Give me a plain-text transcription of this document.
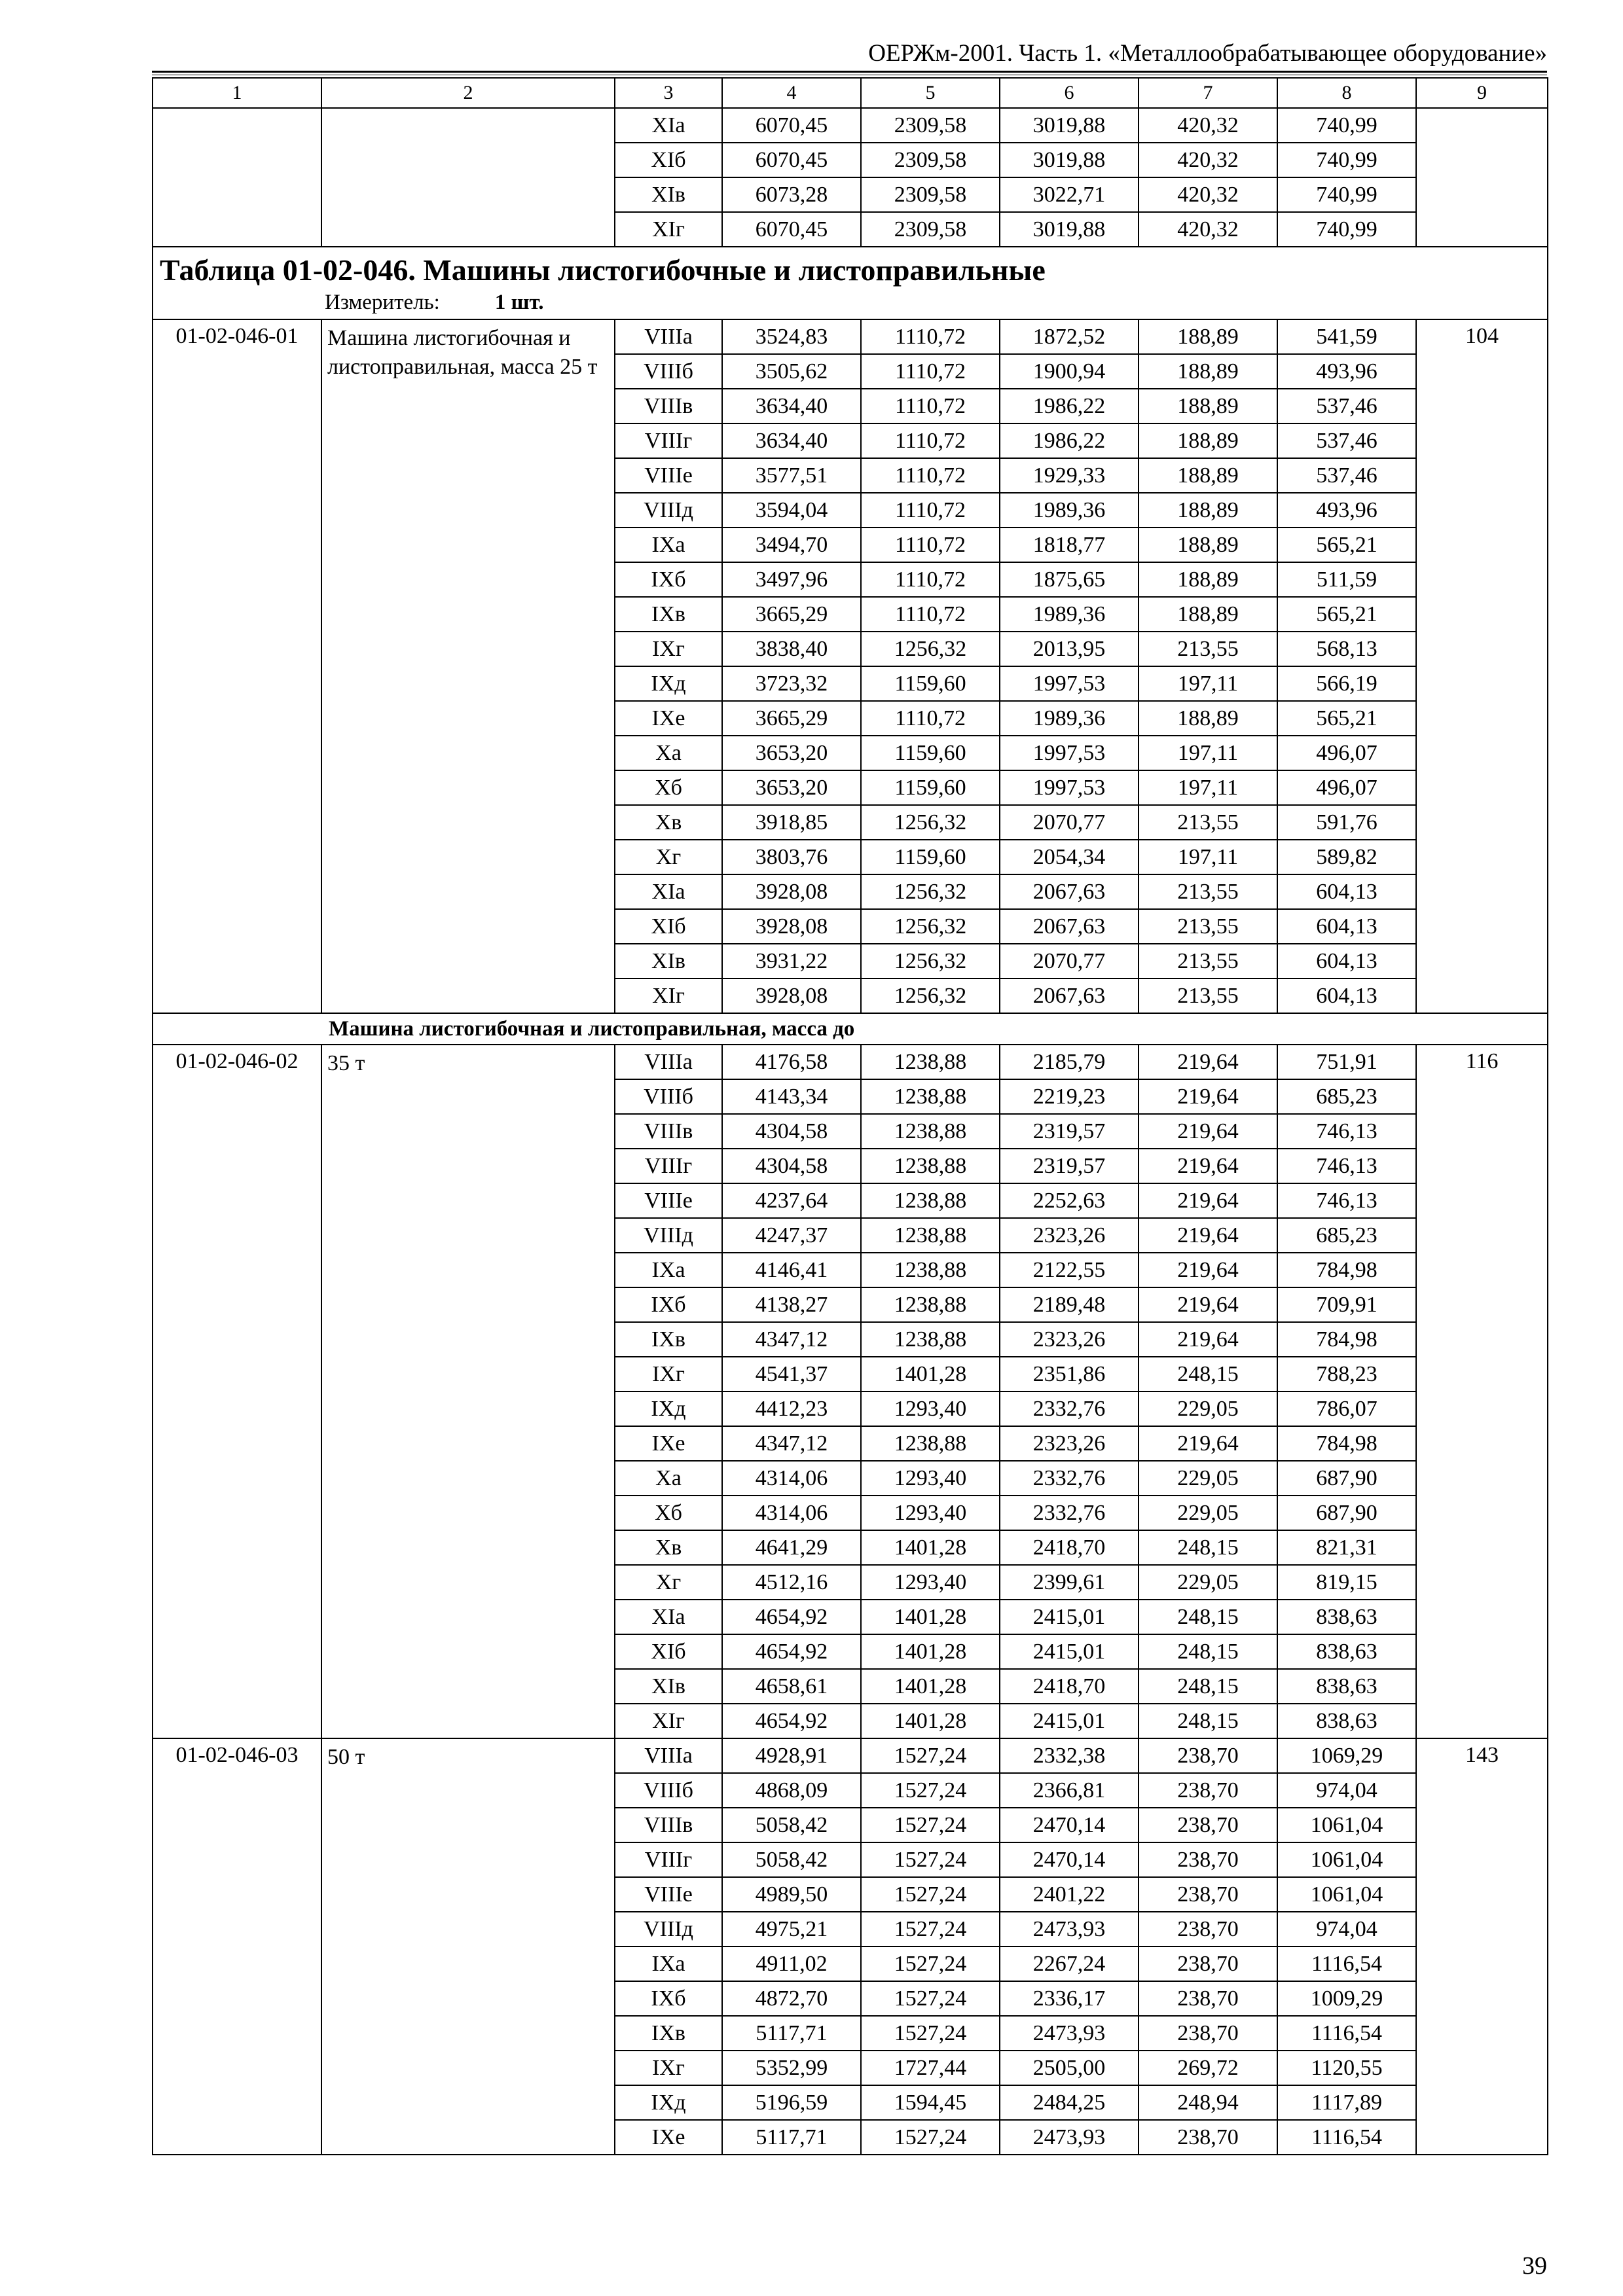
ОЕРЖм-2001. Часть 1. «Металлообрабатывающее оборудование»
1	2	3	4	5	6	7	8	9
		XIа	6070,45	2309,58	3019,88	420,32	740,99	
		XIб	6070,45	2309,58	3019,88	420,32	740,99	
		XIв	6073,28	2309,58	3022,71	420,32	740,99	
		XIг	6070,45	2309,58	3019,88	420,32	740,99	

Таблица 01-02-046. Машины листогибочные и листоправильные
Измеритель: 1 шт.								

01-02-046-01	Машина листогибочная и листоправильная, масса 25 т	VIIIа	3524,83	1110,72	1872,52	188,89	541,59	104
		VIIIб	3505,62	1110,72	1900,94	188,89	493,96	
		VIIIв	3634,40	1110,72	1986,22	188,89	537,46	
		VIIIг	3634,40	1110,72	1986,22	188,89	537,46	
		VIIIе	3577,51	1110,72	1929,33	188,89	537,46	
		VIIIд	3594,04	1110,72	1989,36	188,89	493,96	
		IXа	3494,70	1110,72	1818,77	188,89	565,21	
		IXб	3497,96	1110,72	1875,65	188,89	511,59	
		IXв	3665,29	1110,72	1989,36	188,89	565,21	
		IXг	3838,40	1256,32	2013,95	213,55	568,13	
		IXд	3723,32	1159,60	1997,53	197,11	566,19	
		IXе	3665,29	1110,72	1989,36	188,89	565,21	
		Xа	3653,20	1159,60	1997,53	197,11	496,07	
		Xб	3653,20	1159,60	1997,53	197,11	496,07	
		Xв	3918,85	1256,32	2070,77	213,55	591,76	
		Xг	3803,76	1159,60	2054,34	197,11	589,82	
		XIа	3928,08	1256,32	2067,63	213,55	604,13	
		XIб	3928,08	1256,32	2067,63	213,55	604,13	
		XIв	3931,22	1256,32	2070,77	213,55	604,13	
		XIг	3928,08	1256,32	2067,63	213,55	604,13	
Машина листогибочная и листоправильная, масса до								
01-02-046-02	35 т	VIIIа	4176,58	1238,88	2185,79	219,64	751,91	116
		VIIIб	4143,34	1238,88	2219,23	219,64	685,23	
		VIIIв	4304,58	1238,88	2319,57	219,64	746,13	
		VIIIг	4304,58	1238,88	2319,57	219,64	746,13	
		VIIIе	4237,64	1238,88	2252,63	219,64	746,13	
		VIIIд	4247,37	1238,88	2323,26	219,64	685,23	
		IXа	4146,41	1238,88	2122,55	219,64	784,98	
		IXб	4138,27	1238,88	2189,48	219,64	709,91	
		IXв	4347,12	1238,88	2323,26	219,64	784,98	
		IXг	4541,37	1401,28	2351,86	248,15	788,23	
		IXд	4412,23	1293,40	2332,76	229,05	786,07	
		IXе	4347,12	1238,88	2323,26	219,64	784,98	
		Xа	4314,06	1293,40	2332,76	229,05	687,90	
		Xб	4314,06	1293,40	2332,76	229,05	687,90	
		Xв	4641,29	1401,28	2418,70	248,15	821,31	
		Xг	4512,16	1293,40	2399,61	229,05	819,15	
		XIа	4654,92	1401,28	2415,01	248,15	838,63	
		XIб	4654,92	1401,28	2415,01	248,15	838,63	
		XIв	4658,61	1401,28	2418,70	248,15	838,63	
		XIг	4654,92	1401,28	2415,01	248,15	838,63	
01-02-046-03	50 т	VIIIа	4928,91	1527,24	2332,38	238,70	1069,29	143
		VIIIб	4868,09	1527,24	2366,81	238,70	974,04	
		VIIIв	5058,42	1527,24	2470,14	238,70	1061,04	
		VIIIг	5058,42	1527,24	2470,14	238,70	1061,04	
		VIIIе	4989,50	1527,24	2401,22	238,70	1061,04	
		VIIIд	4975,21	1527,24	2473,93	238,70	974,04	
		IXа	4911,02	1527,24	2267,24	238,70	1116,54	
		IXб	4872,70	1527,24	2336,17	238,70	1009,29	
		IXв	5117,71	1527,24	2473,93	238,70	1116,54	
		IXг	5352,99	1727,44	2505,00	269,72	1120,55	
		IXд	5196,59	1594,45	2484,25	248,94	1117,89	
		IXе	5117,71	1527,24	2473,93	238,70	1116,54	
39
